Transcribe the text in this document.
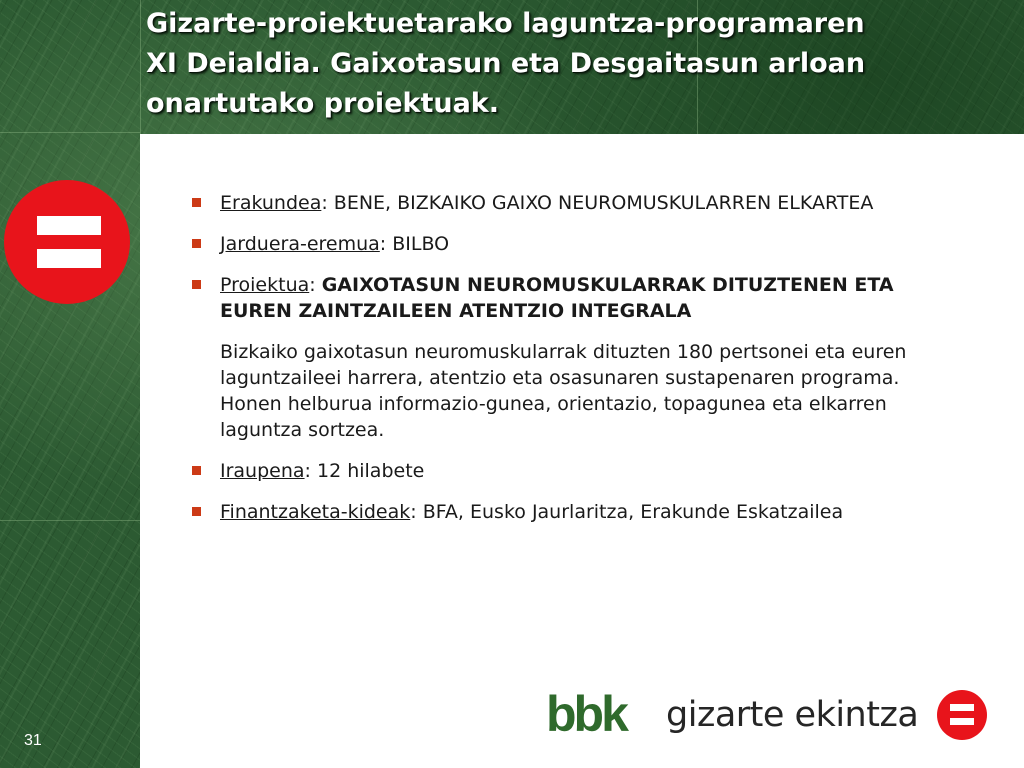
Gizarte-proiektuetarako laguntza-programaren
XI Deialdia. Gaixotasun eta Desgaitasun arloan
onartutako proiektuak.
Erakundea: BENE, BIZKAIKO GAIXO NEUROMUSKULARREN ELKARTEA
Jarduera-eremua: BILBO
Proiektua: GAIXOTASUN NEUROMUSKULARRAK DITUZTENEN ETA
EUREN ZAINTZAILEEN ATENTZIO INTEGRALA
Bizkaiko gaixotasun neuromuskularrak dituzten 180 pertsonei eta euren
laguntzaileei harrera, atentzio eta osasunaren sustapenaren programa.
Honen helburua informazio-gunea, orientazio, topagunea eta elkarren
laguntza sortzea.
Iraupena: 12 hilabete
Finantzaketa-kideak: BFA, Eusko Jaurlaritza, Erakunde Eskatzailea
bbk gizarte ekintza
31
